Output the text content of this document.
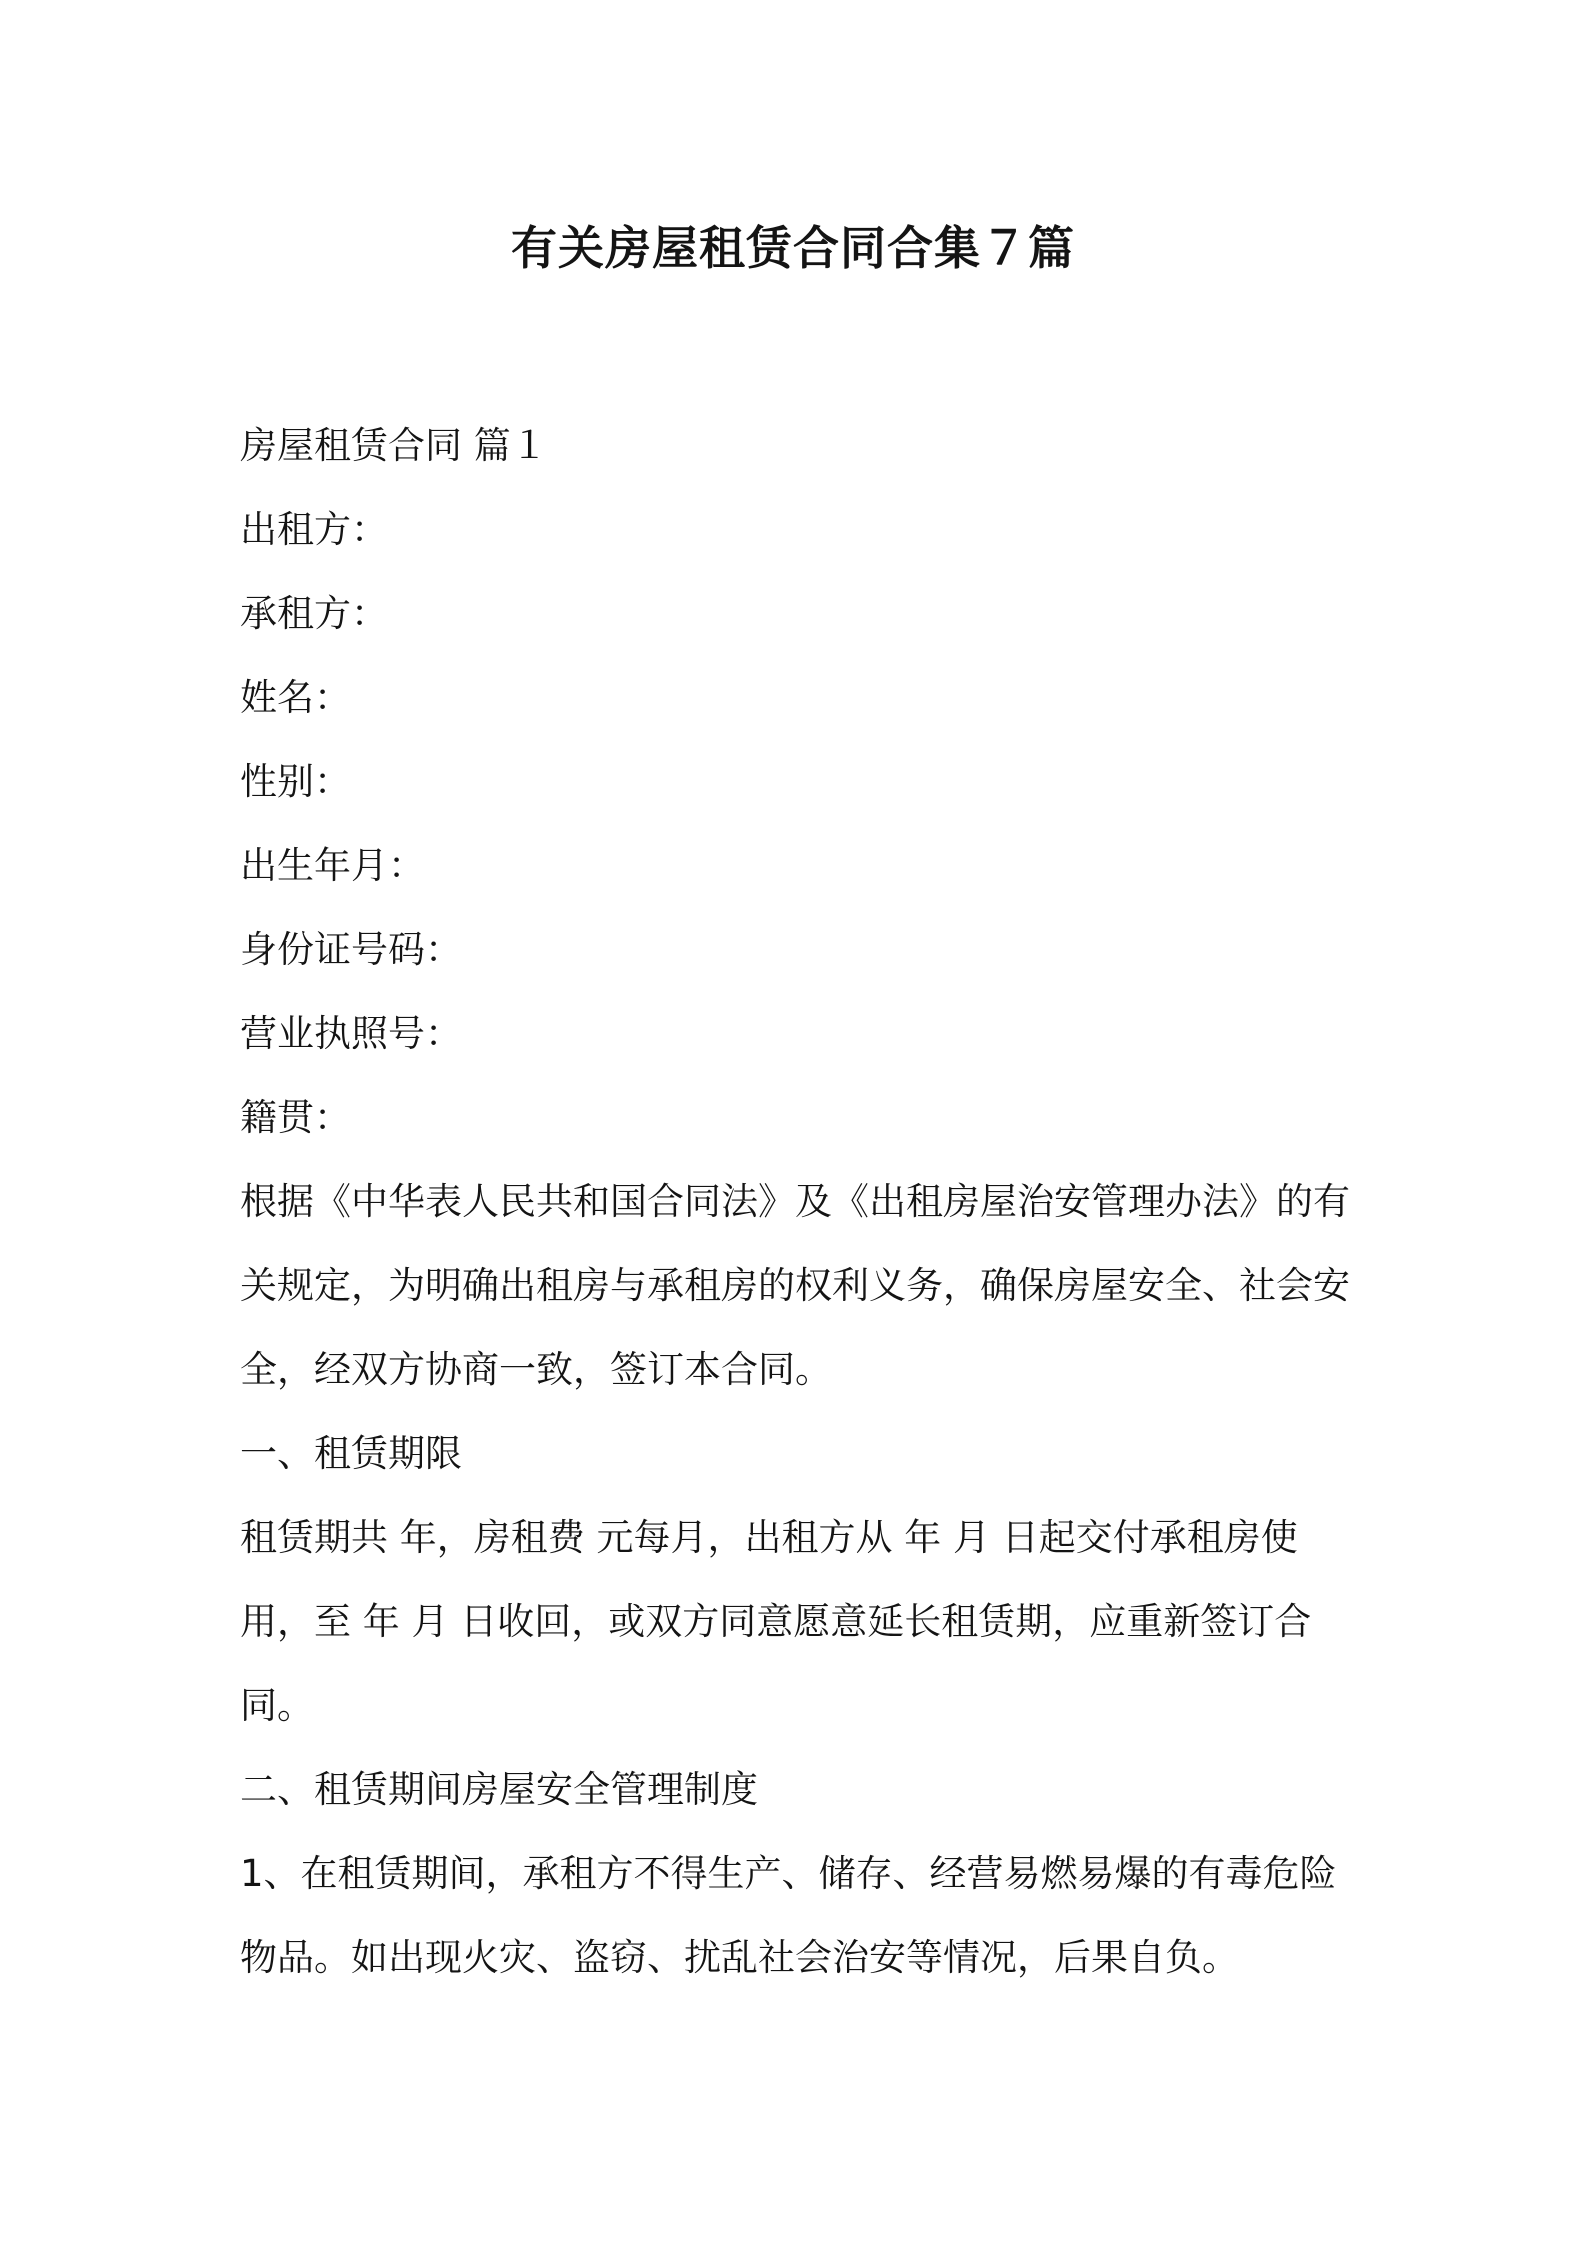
有关房屋租赁合同合集７篇

房屋租赁合同 篇１

出租方：

承租方：

姓名：

性别：

出生年月：

身份证号码：

营业执照号：

籍贯：

根据《中华表人民共和国合同法》及《出租房屋治安管理办法》的有关规定，为明确出租房与承租房的权利义务，确保房屋安全、社会安全，经双方协商一致，签订本合同。

一、租赁期限

租赁期共 年，房租费 元每月，出租方从 年 月 日起交付承租房使用，至 年 月 日收回，或双方同意愿意延长租赁期，应重新签订合同。

二、租赁期间房屋安全管理制度

1、在租赁期间，承租方不得生产、储存、经营易燃易爆的有毒危险物品。如出现火灾、盗窃、扰乱社会治安等情况，后果自负。
